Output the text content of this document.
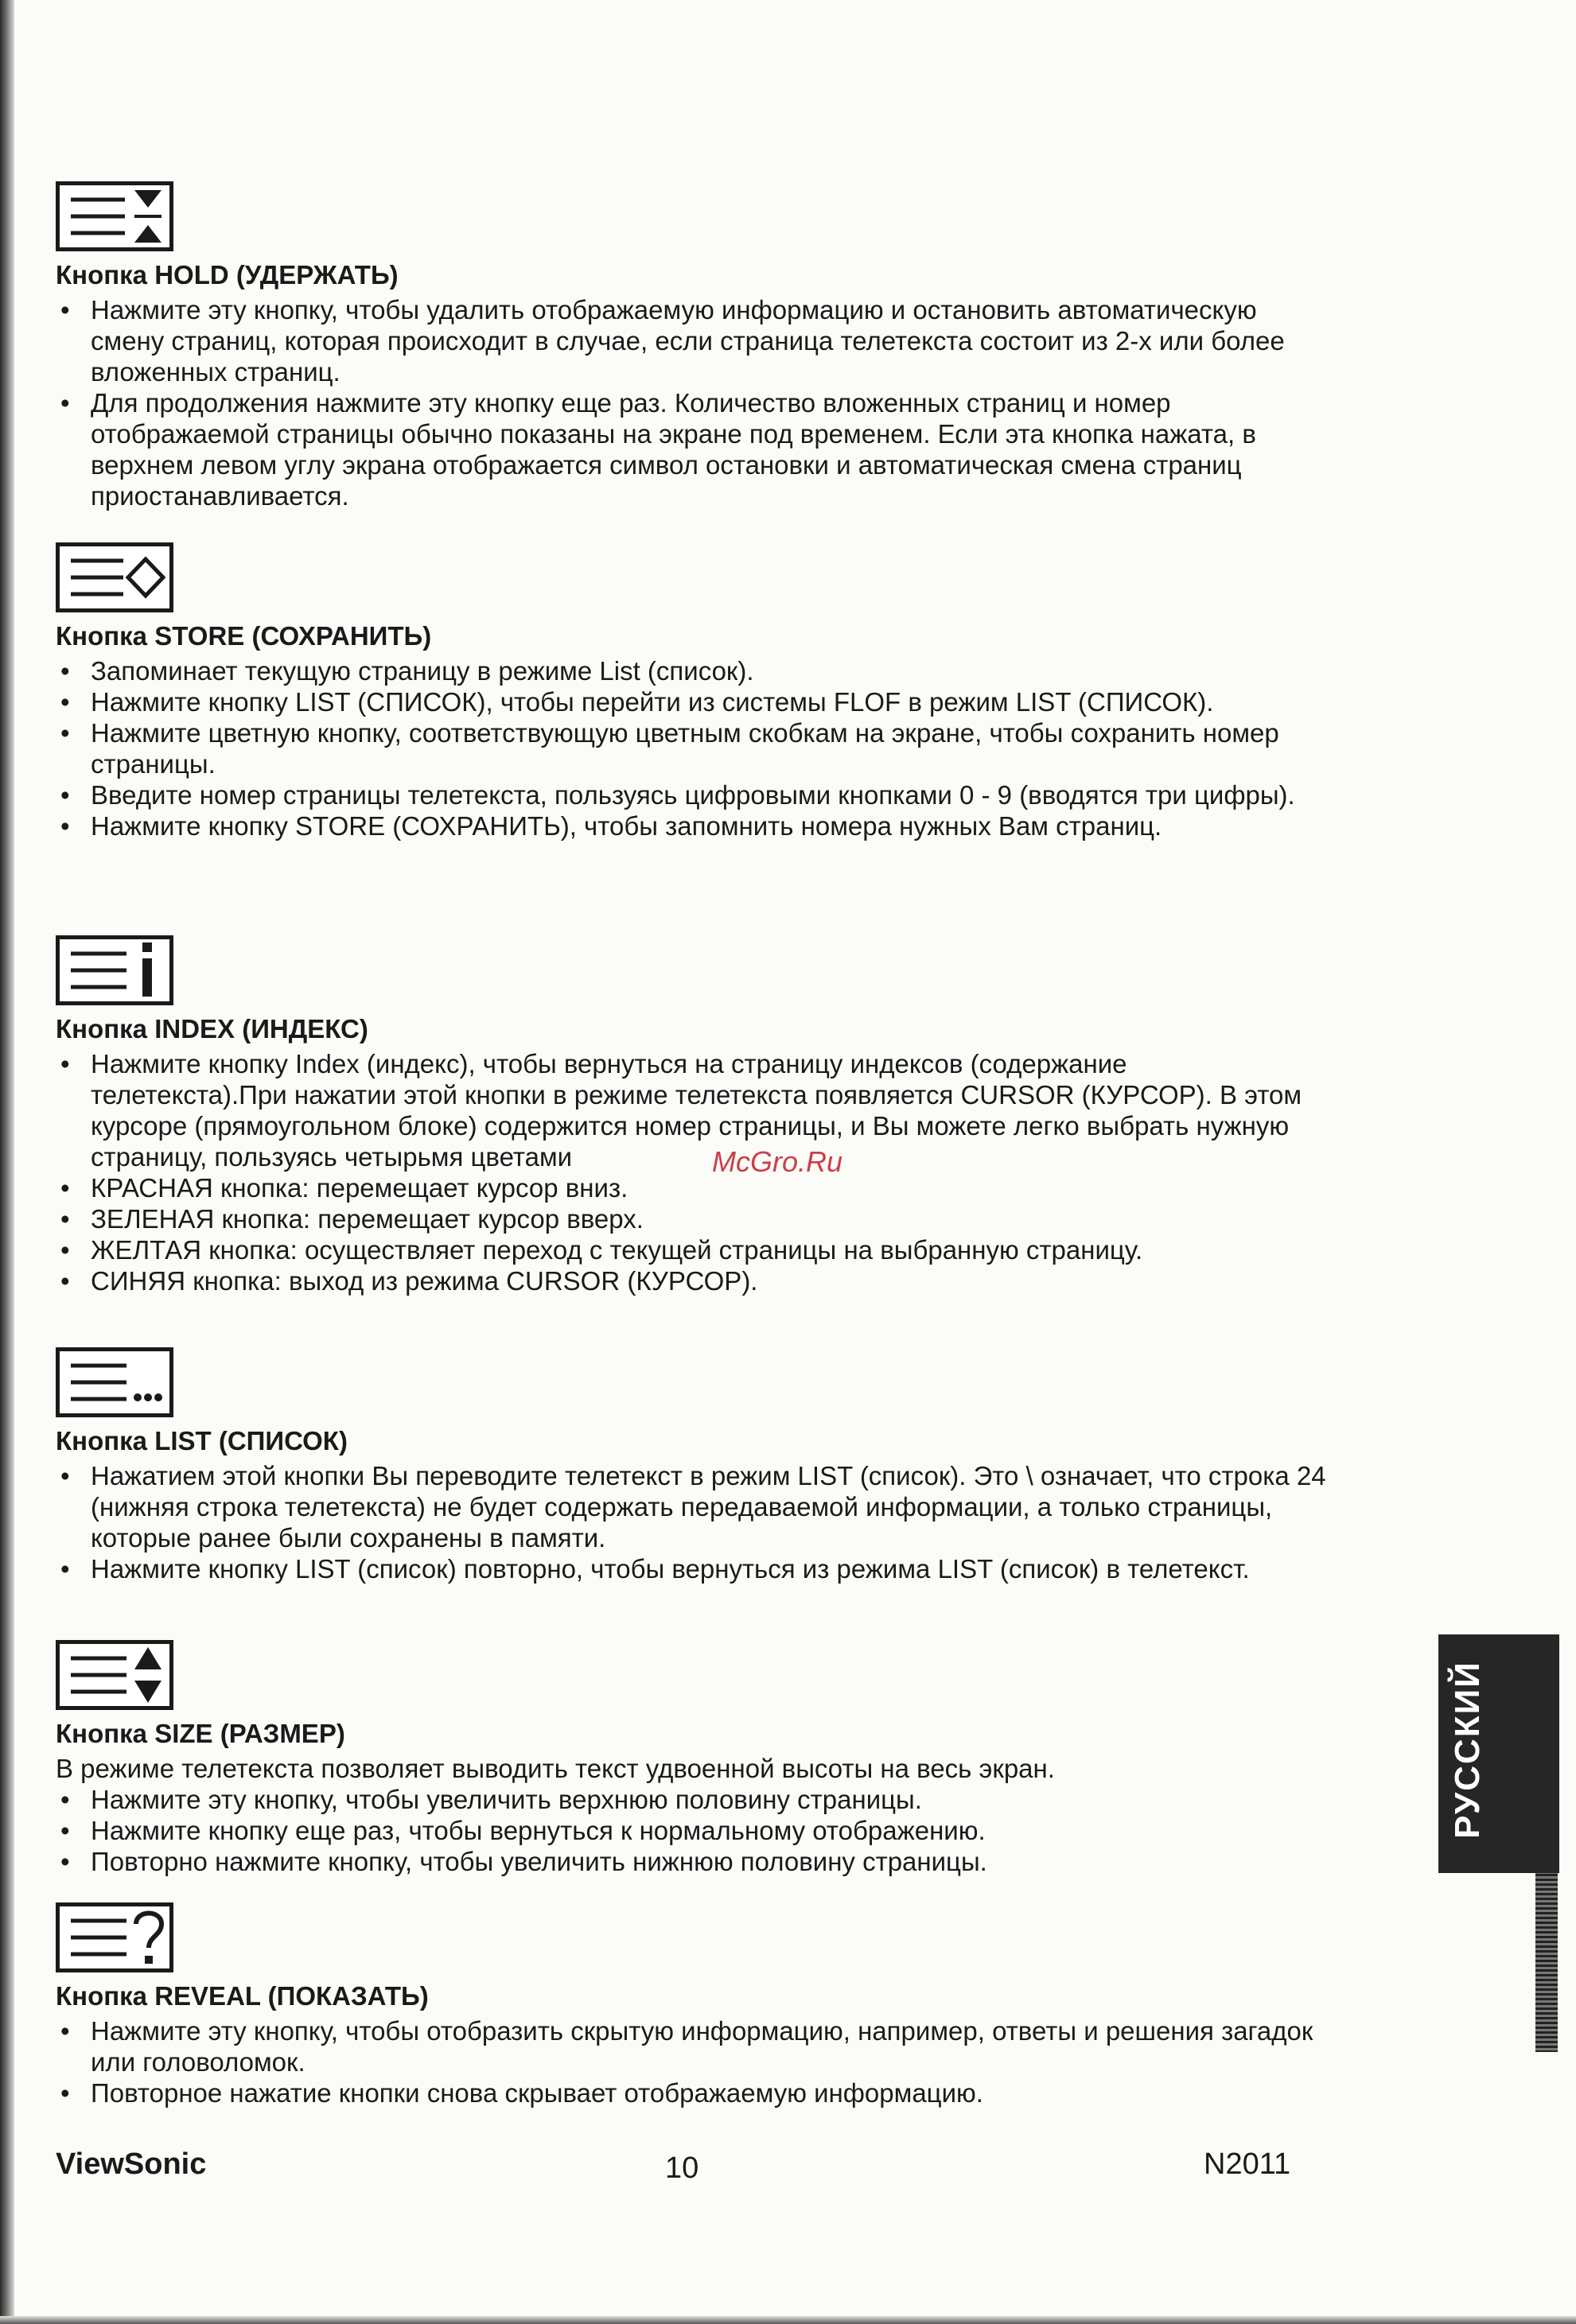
Кнопка HOLD (УДЕРЖАТЬ)
• Нажмите эту кнопку, чтобы удалить отображаемую информацию и остановить автоматическую смену страниц, которая происходит в случае, если страница телетекста состоит из 2-х или более вложенных страниц.
• Для продолжения нажмите эту кнопку еще раз. Количество вложенных страниц и номер отображаемой страницы обычно показаны на экране под временем. Если эта кнопка нажата, в верхнем левом углу экрана отображается символ остановки и автоматическая смена страниц приостанавливается.
Кнопка STORE (СОХРАНИТЬ)
• Запоминает текущую страницу в режиме List (список).
• Нажмите кнопку LIST (СПИСОК), чтобы перейти из системы FLOF в режим LIST (СПИСОК).
• Нажмите цветную кнопку, соответствующую цветным скобкам на экране, чтобы сохранить номер страницы.
• Введите номер страницы телетекста, пользуясь цифровыми кнопками 0 - 9 (вводятся три цифры).
• Нажмите кнопку STORE (СОХРАНИТЬ), чтобы запомнить номера нужных Вам страниц.
Кнопка INDEX (ИНДЕКС)
• Нажмите кнопку Index (индекс), чтобы вернуться на страницу индексов (содержание телетекста).При нажатии этой кнопки в режиме телетекста появляется CURSOR (КУРСОР). В этом курсоре (прямоугольном блоке) содержится номер страницы, и Вы можете легко выбрать нужную страницу, пользуясь четырьмя цветами
• КРАСНАЯ кнопка: перемещает курсор вниз.
• ЗЕЛЕНАЯ кнопка: перемещает курсор вверх.
• ЖЕЛТАЯ кнопка: осуществляет переход с текущей страницы на выбранную страницу.
• СИНЯЯ кнопка: выход из режима CURSOR (КУРСОР).
Кнопка LIST (СПИСОК)
• Нажатием этой кнопки Вы переводите телетекст в режим LIST (список). Это \ означает, что строка 24 (нижняя строка телетекста) не будет содержать передаваемой информации, а только страницы, которые ранее были сохранены в памяти.
• Нажмите кнопку LIST (список) повторно, чтобы вернуться из режима LIST (список) в телетекст.
Кнопка SIZE (РАЗМЕР)

В режиме телетекста позволяет выводить текст удвоенной высоты на весь экран.

• Нажмите эту кнопку, чтобы увеличить верхнюю половину страницы.
• Нажмите кнопку еще раз, чтобы вернуться к нормальному отображению.
• Повторно нажмите кнопку, чтобы увеличить нижнюю половину страницы.
Кнопка REVEAL (ПОКАЗАТЬ)
• Нажмите эту кнопку, чтобы отобразить скрытую информацию, например, ответы и решения загадок или головоломок.
• Повторное нажатие кнопки снова скрывает отображаемую информацию.
РУССКИЙ
McGro.Ru
ViewSonic	10	N2011
